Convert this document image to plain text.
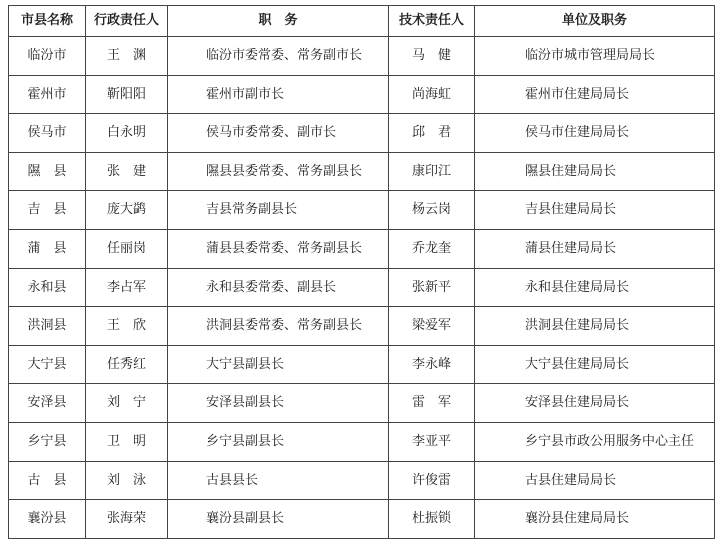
市县名称	行政责任人	职　务	技术责任人	单位及职务
临汾市	王　渊	临汾市委常委、常务副市长	马　健	临汾市城市管理局局长
霍州市	靳阳阳	霍州市副市长	尚海虹	霍州市住建局局长
侯马市	白永明	侯马市委常委、副市长	邱　君	侯马市住建局局长
隰　县	张　建	隰县县委常委、常务副县长	康印江	隰县住建局局长
吉　县	庞大鹢	吉县常务副县长	杨云岗	吉县住建局局长
蒲　县	任丽岗	蒲县县委常委、常务副县长	乔龙奎	蒲县住建局局长
永和县	李占军	永和县委常委、副县长	张新平	永和县住建局局长
洪洞县	王　欣	洪洞县委常委、常务副县长	梁爱军	洪洞县住建局局长
大宁县	任秀红	大宁县副县长	李永峰	大宁县住建局局长
安泽县	刘　宁	安泽县副县长	雷　军	安泽县住建局局长
乡宁县	卫　明	乡宁县副县长	李亚平	乡宁县市政公用服务中心主任
古　县	刘　泳	古县县长	许俊雷	古县住建局局长
襄汾县	张海荣	襄汾县副县长	杜振锁	襄汾县住建局局长
